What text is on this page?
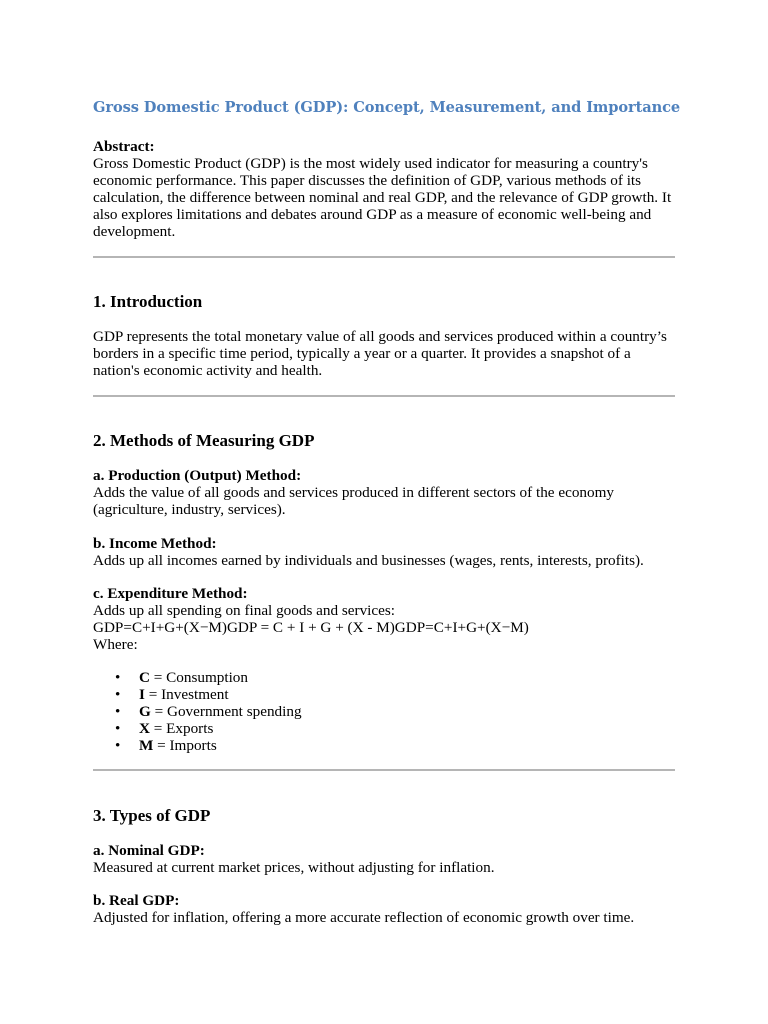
Gross Domestic Product (GDP): Concept, Measurement, and Importance
Abstract:

Gross Domestic Product (GDP) is the most widely used indicator for measuring a country's economic performance. This paper discusses the definition of GDP, various methods of its calculation, the difference between nominal and real GDP, and the relevance of GDP growth. It also explores limitations and debates around GDP as a measure of economic well-being and development.

1. Introduction

GDP represents the total monetary value of all goods and services produced within a country’s borders in a specific time period, typically a year or a quarter. It provides a snapshot of a nation's economic activity and health.

2. Methods of Measuring GDP
a. Production (Output) Method:

Adds the value of all goods and services produced in different sectors of the economy (agriculture, industry, services).

b. Income Method:

Adds up all incomes earned by individuals and businesses (wages, rents, interests, profits).

c. Expenditure Method:
Adds up all spending on final goods and services:
GDP=C+I+G+(X−M)GDP = C + I + G + (X - M)GDP=C+I+G+(X−M)
Where:
• C = Consumption
• I = Investment
• G = Government spending
• X = Exports
• M = Imports
3. Types of GDP
a. Nominal GDP:

Measured at current market prices, without adjusting for inflation.

b. Real GDP:

Adjusted for inflation, offering a more accurate reflection of economic growth over time.
